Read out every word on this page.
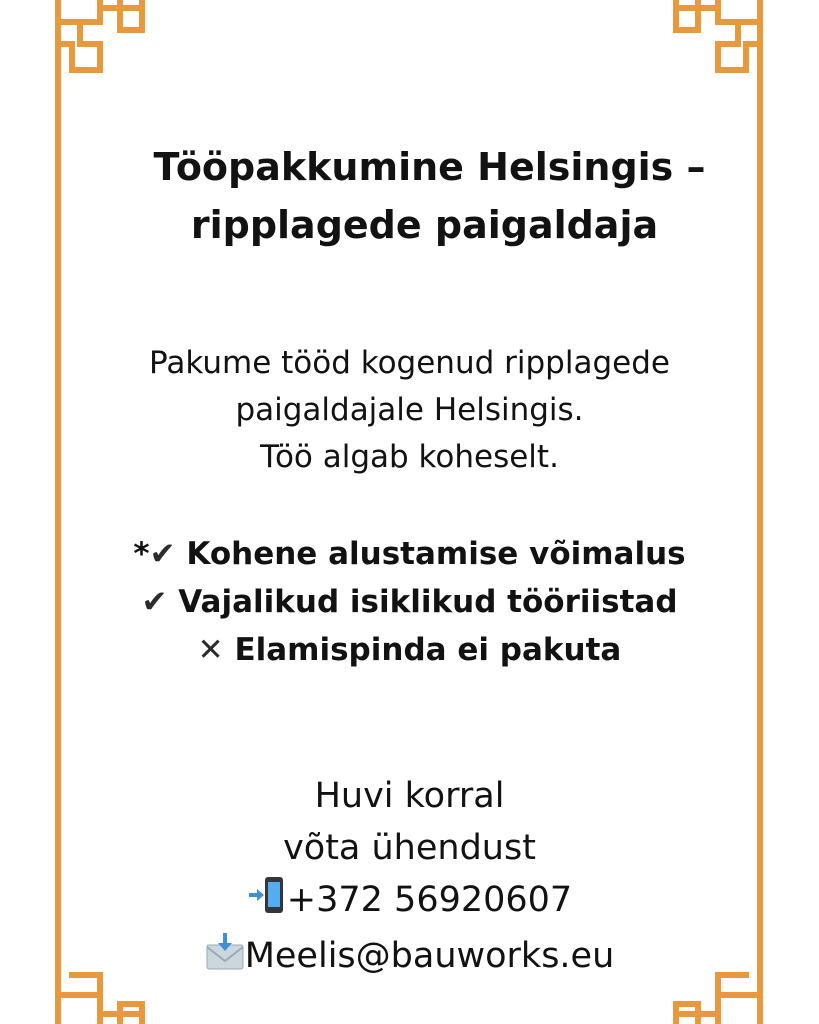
Tööpakkumine Helsingis –
ripplagede paigaldaja
Pakume tööd kogenud ripplagede
paigaldajale Helsingis.
Töö algab koheselt.
*✔ Kohene alustamise võimalus
✔ Vajalikud isiklikud tööriistad
✕ Elamispinda ei pakuta
Huvi korral
võta ühendust
+372 56920607
Meelis@bauworks.eu
